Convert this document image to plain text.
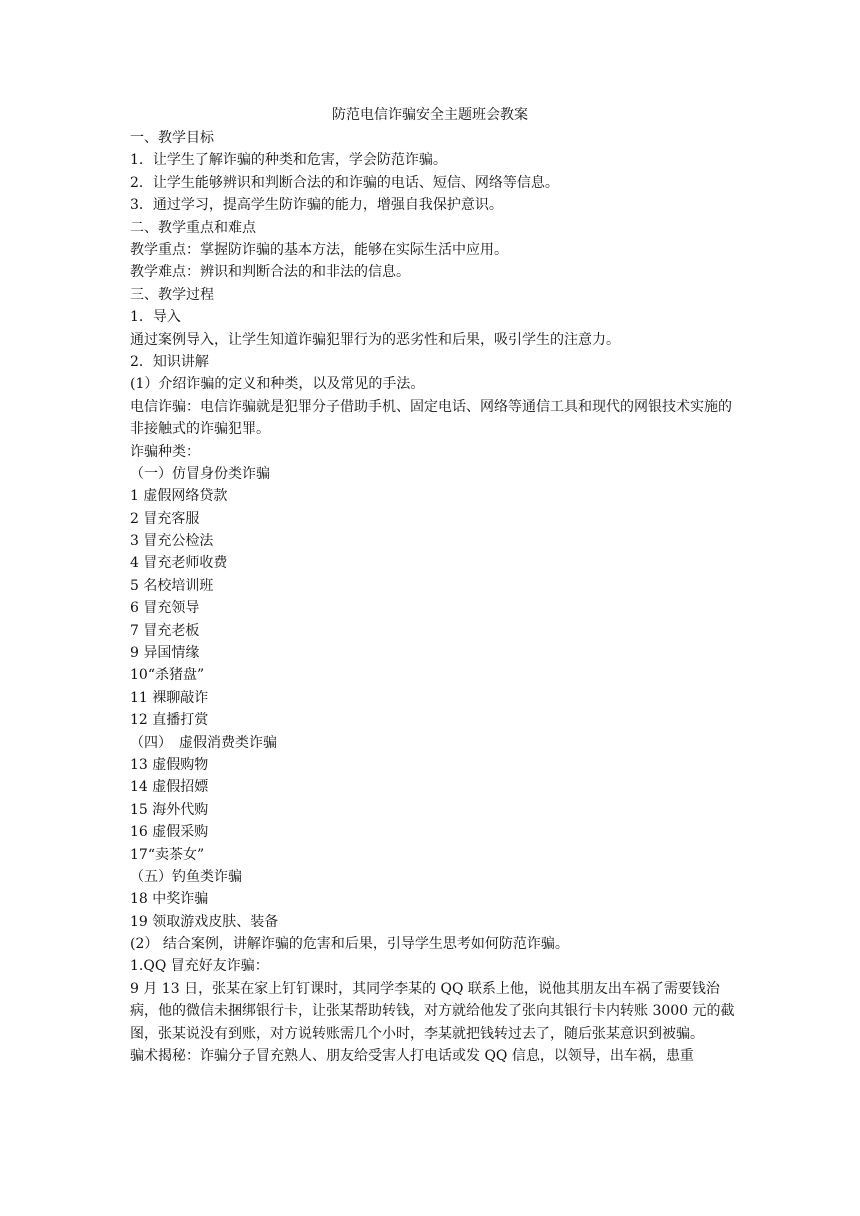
防范电信诈骗安全主题班会教案
一、教学目标
1．让学生了解诈骗的种类和危害，学会防范诈骗。
2．让学生能够辨识和判断合法的和诈骗的电话、短信、网络等信息。
3．通过学习，提高学生防诈骗的能力，增强自我保护意识。
二、教学重点和难点
教学重点：掌握防诈骗的基本方法，能够在实际生活中应用。
教学难点：辨识和判断合法的和非法的信息。
三、教学过程
1．导入
通过案例导入，让学生知道诈骗犯罪行为的恶劣性和后果，吸引学生的注意力。
2．知识讲解
(1）介绍诈骗的定义和种类，以及常见的手法。
电信诈骗：电信诈骗就是犯罪分子借助手机、固定电话、网络等通信工具和现代的网银技术实施的非接触式的诈骗犯罪。
诈骗种类：
（一）仿冒身份类诈骗
1 虚假网络贷款
2 冒充客服
3 冒充公检法
4 冒充老师收费
5 名校培训班
6 冒充领导
7 冒充老板
9 异国情缘
10“杀猪盘”
11 裸聊敲诈
12 直播打赏
（四）　虚假消费类诈骗
13 虚假购物
14 虚假招嫖
15 海外代购
16 虚假采购
17“卖茶女”
（五）钓鱼类诈骗
18 中奖诈骗
19 领取游戏皮肤、装备
(2） 结合案例，讲解诈骗的危害和后果，引导学生思考如何防范诈骗。
1.QQ 冒充好友诈骗：
9 月 13 日，张某在家上钉钉课时，其同学李某的 QQ 联系上他，说他其朋友出车祸了需要钱治病，他的微信未捆绑银行卡，让张某帮助转钱，对方就给他发了张向其银行卡内转账 3000 元的截图，张某说没有到账，对方说转账需几个小时，李某就把钱转过去了，随后张某意识到被骗。
骗术揭秘：诈骗分子冒充熟人、朋友给受害人打电话或发 QQ 信息，以领导，出车祸，患重
